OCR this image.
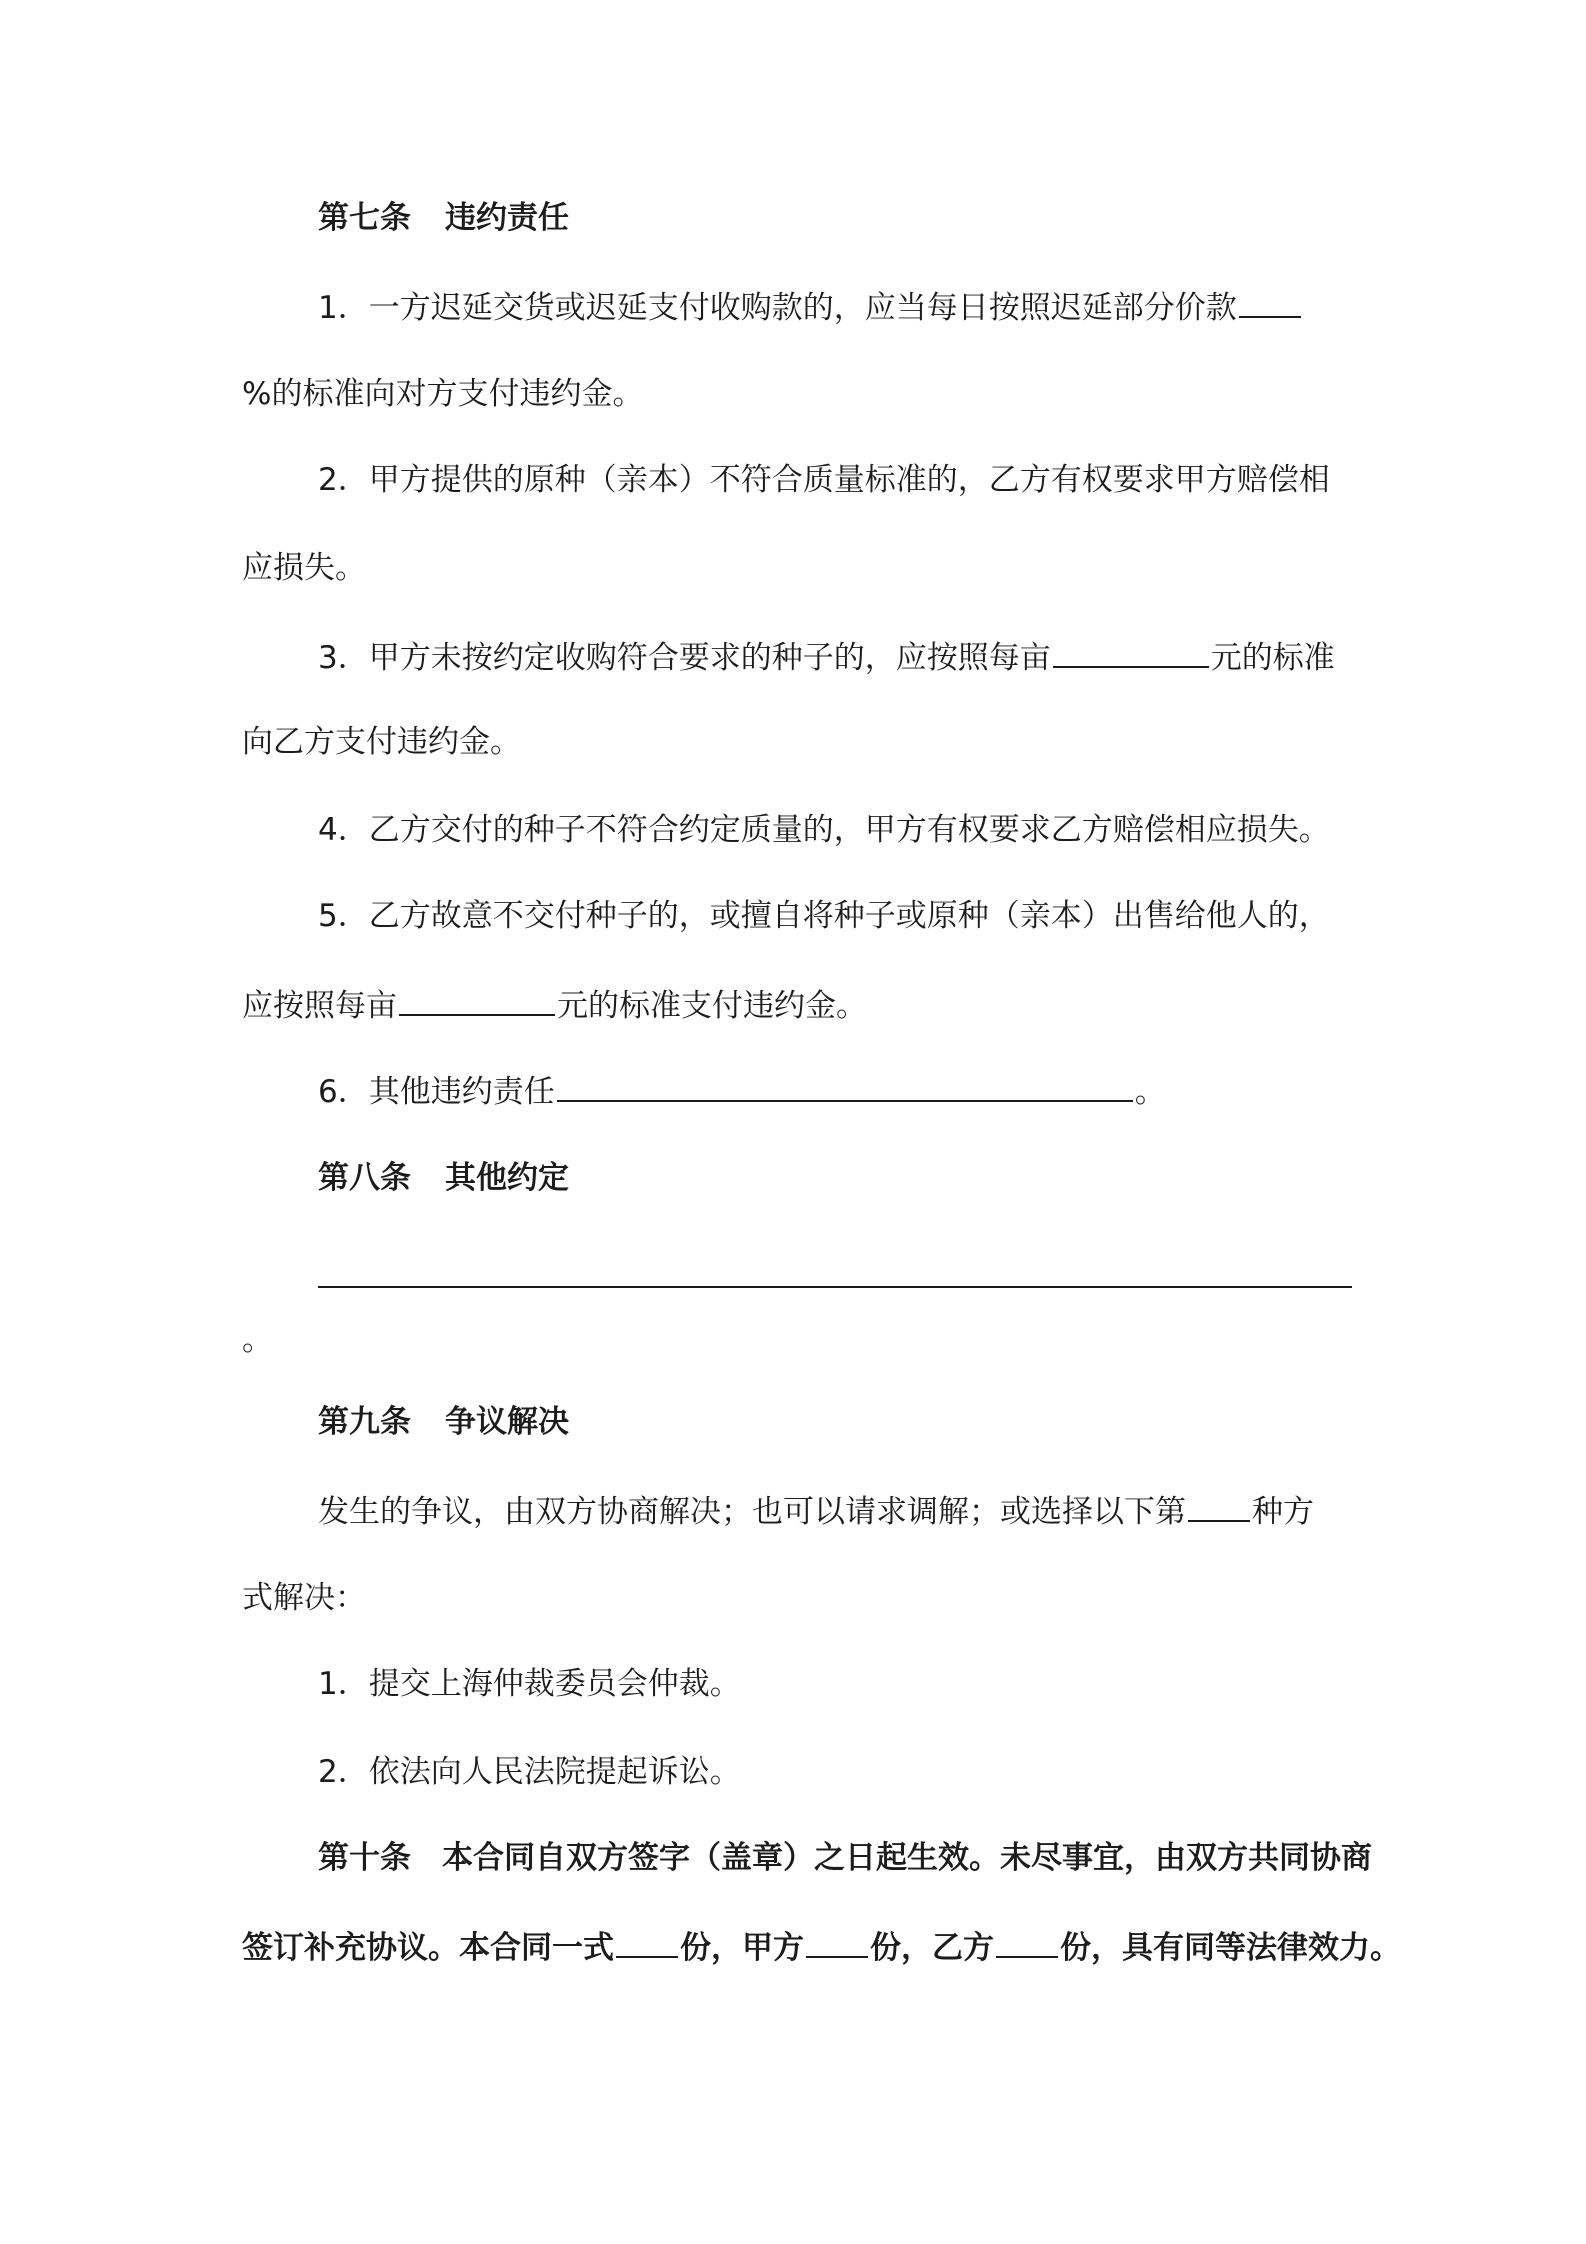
第七条 违约责任
1．一方迟延交货或迟延支付收购款的，应当每日按照迟延部分价款
%的标准向对方支付违约金。
2．甲方提供的原种（亲本）不符合质量标准的，乙方有权要求甲方赔偿相
应损失。
3．甲方未按约定收购符合要求的种子的，应按照每亩	元的标准
向乙方支付违约金。
4．乙方交付的种子不符合约定质量的，甲方有权要求乙方赔偿相应损失。
5．乙方故意不交付种子的，或擅自将种子或原种（亲本）出售给他人的，
应按照每亩	元的标准支付违约金。
6．其他违约责任	。
第八条 其他约定
。
第九条 争议解决
发生的争议，由双方协商解决；也可以请求调解；或选择以下第 种方
式解决：
1．提交上海仲裁委员会仲裁。
2．依法向人民法院提起诉讼。
第十条　本合同自双方签字（盖章）之日起生效。未尽事宜，由双方共同协商
签订补充协议。本合同一式 份，甲方 份，乙方 份，具有同等法律效力。
